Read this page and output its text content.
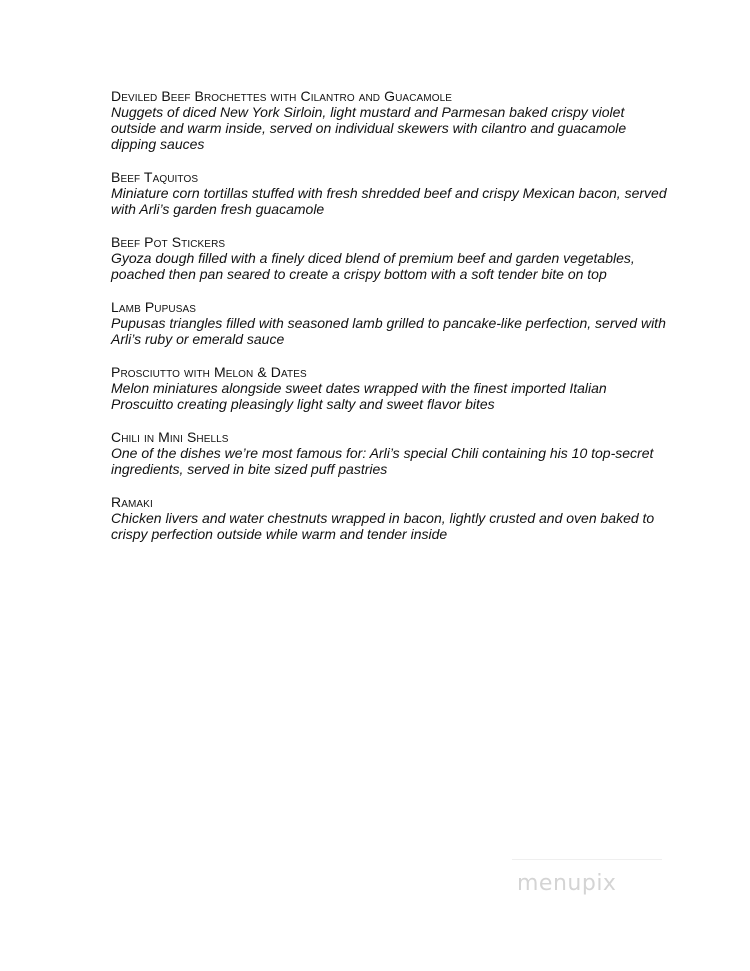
Deviled Beef Brochettes with Cilantro and Guacamole
Nuggets of diced New York Sirloin, light mustard and Parmesan baked crispy violet outside and warm inside, served on individual skewers with cilantro and guacamole dipping sauces
Beef Taquitos
Miniature corn tortillas stuffed with fresh shredded beef and crispy Mexican bacon, served with Arli’s garden fresh guacamole
Beef Pot Stickers
Gyoza dough filled with a finely diced blend of premium beef and garden vegetables, poached then pan seared to create a crispy bottom with a soft tender bite on top
Lamb Pupusas
Pupusas triangles filled with seasoned lamb grilled to pancake-like perfection, served with Arli’s ruby or emerald sauce
Prosciutto with Melon & Dates
Melon miniatures alongside sweet dates wrapped with the finest imported Italian Proscuitto creating pleasingly light salty and sweet flavor bites
Chili in Mini Shells
One of the dishes we’re most famous for: Arli’s special Chili containing his 10 top-secret ingredients, served in bite sized puff pastries
Ramaki
Chicken livers and water chestnuts wrapped in bacon, lightly crusted and oven baked to crispy perfection outside while warm and tender inside
menupix
